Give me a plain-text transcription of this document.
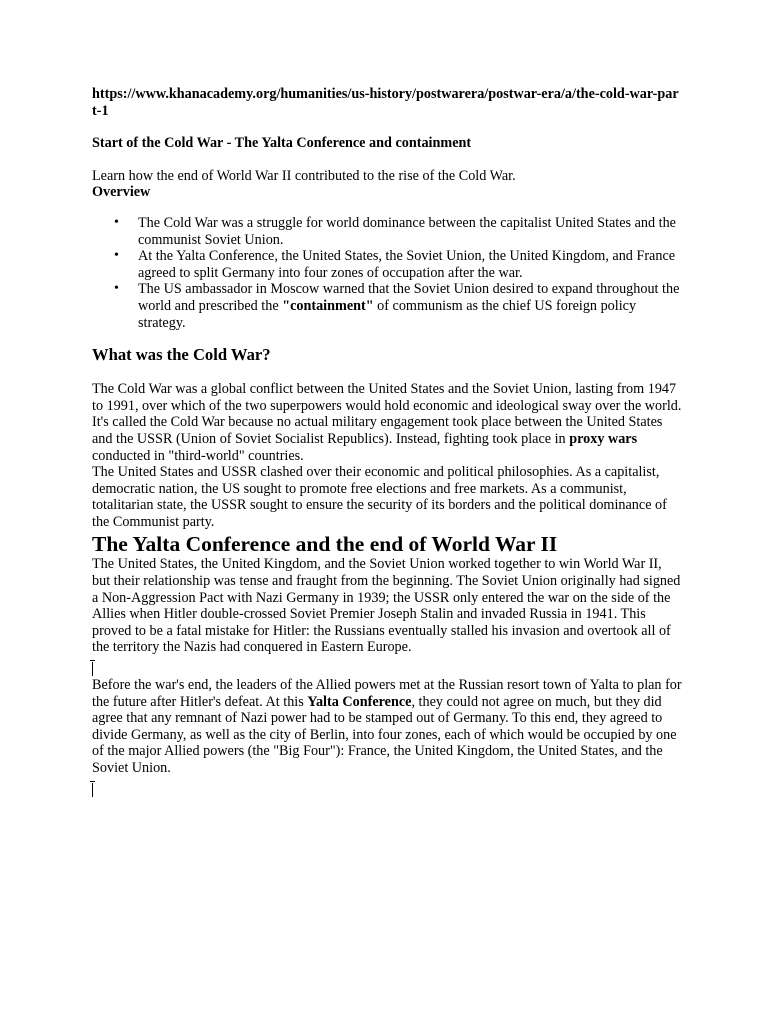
https://www.khanacademy.org/humanities/us-history/postwarera/postwar-era/a/the-cold-war-part-1

Start of the Cold War - The Yalta Conference and containment

Learn how the end of World War II contributed to the rise of the Cold War.

Overview

• The Cold War was a struggle for world dominance between the capitalist United States and the communist Soviet Union.
• At the Yalta Conference, the United States, the Soviet Union, the United Kingdom, and France agreed to split Germany into four zones of occupation after the war.
• The US ambassador in Moscow warned that the Soviet Union desired to expand throughout the world and prescribed the "containment" of communism as the chief US foreign policy strategy.

What was the Cold War?

The Cold War was a global conflict between the United States and the Soviet Union, lasting from 1947 to 1991, over which of the two superpowers would hold economic and ideological sway over the world. It's called the Cold War because no actual military engagement took place between the United States and the USSR (Union of Soviet Socialist Republics). Instead, fighting took place in proxy wars conducted in "third-world" countries.

The United States and USSR clashed over their economic and political philosophies. As a capitalist, democratic nation, the US sought to promote free elections and free markets. As a communist, totalitarian state, the USSR sought to ensure the security of its borders and the political dominance of the Communist party.

The Yalta Conference and the end of World War II

The United States, the United Kingdom, and the Soviet Union worked together to win World War II, but their relationship was tense and fraught from the beginning. The Soviet Union originally had signed a Non-Aggression Pact with Nazi Germany in 1939; the USSR only entered the war on the side of the Allies when Hitler double-crossed Soviet Premier Joseph Stalin and invaded Russia in 1941. This proved to be a fatal mistake for Hitler: the Russians eventually stalled his invasion and overtook all of the territory the Nazis had conquered in Eastern Europe.

Before the war's end, the leaders of the Allied powers met at the Russian resort town of Yalta to plan for the future after Hitler's defeat. At this Yalta Conference, they could not agree on much, but they did agree that any remnant of Nazi power had to be stamped out of Germany. To this end, they agreed to divide Germany, as well as the city of Berlin, into four zones, each of which would be occupied by one of the major Allied powers (the "Big Four"): France, the United Kingdom, the United States, and the Soviet Union.
